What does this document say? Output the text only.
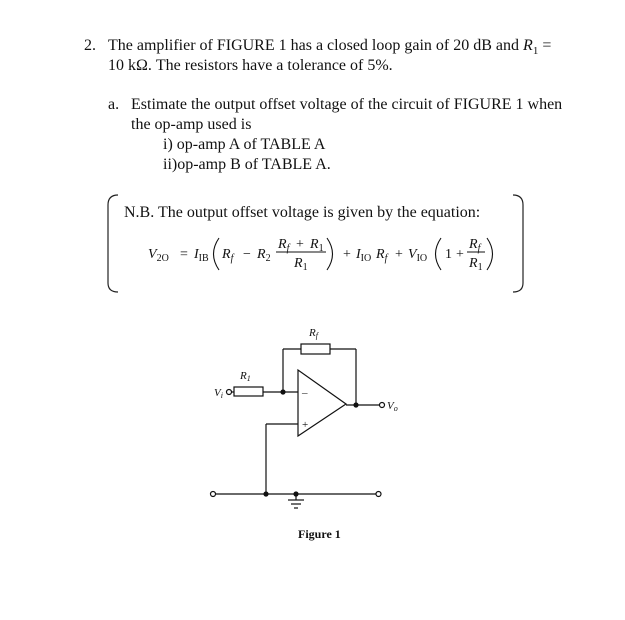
2. The amplifier of FIGURE 1 has a closed loop gain of 20 dB and $R_1$ =
10 kΩ. The resistors have a tolerance of 5%.
a. Estimate the output offset voltage of the circuit of FIGURE 1 when
the op-amp used is
i) op-amp A of TABLE A
ii)op-amp B of TABLE A.
N.B. The output offset voltage is given by the equation:
$V_{2O} = I_{IB}$ $R_f - R_2$
$R_f + R_1$
$R_1$
+ $I_{IO}$ $R_f + V_{IO}$ 1 +
$R_f$
$R_1$
Rf
R1
Vi
Vo
–
+
Figure 1
